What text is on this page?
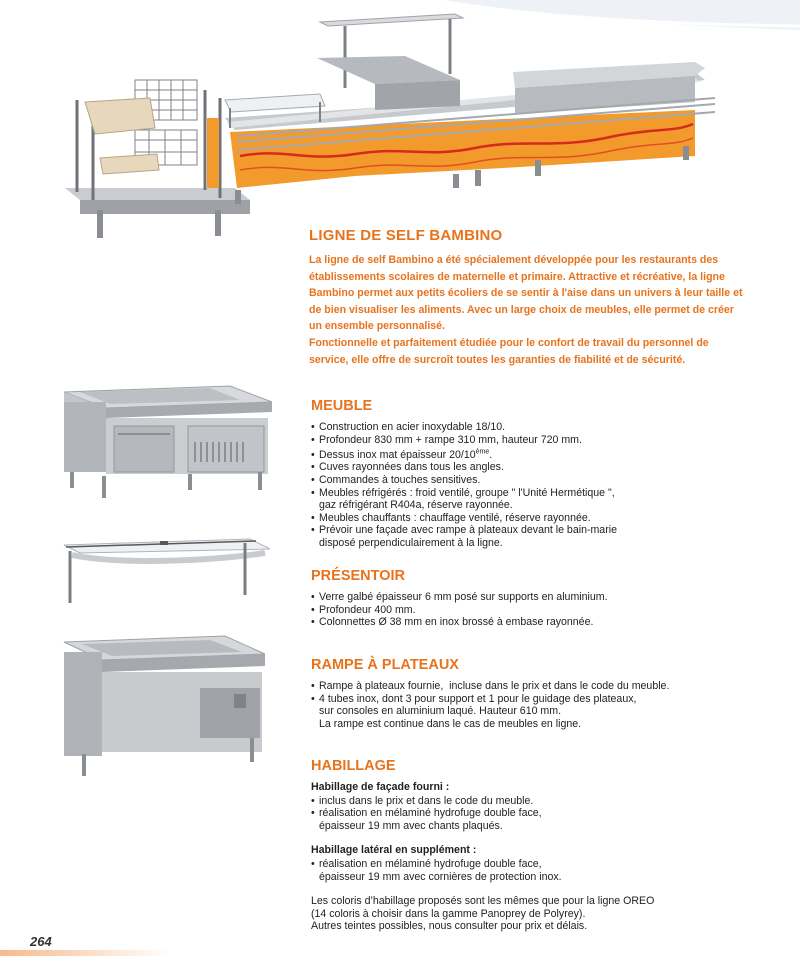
LIGNE DE SELF BAMBINO

La ligne de self Bambino a été spécialement développée pour les restaurants des établissements scolaires de maternelle et primaire. Attractive et récréative, la ligne Bambino permet aux petits écoliers de se sentir à l'aise dans un univers à leur taille et de bien visualiser les aliments. Avec un large choix de meubles, elle permet de créer un ensemble personnalisé.

Fonctionnelle et parfaitement étudiée pour le confort de travail du personnel de service, elle offre de surcroît toutes les garanties de fiabilité et de sécurité.

MEUBLE
• Construction en acier inoxydable 18/10.
• Profondeur 830 mm + rampe 310 mm, hauteur 720 mm.
• Dessus inox mat épaisseur 20/10ème.
• Cuves rayonnées dans tous les angles.
• Commandes à touches sensitives.
• Meubles réfrigérés : froid ventilé, groupe " l'Unité Hermétique ",
gaz réfrigérant R404a, réserve rayonnée.
• Meubles chauffants : chauffage ventilé, réserve rayonnée.
• Prévoir une façade avec rampe à plateaux devant le bain-marie
disposé perpendiculairement à la ligne.
PRÉSENTOIR
• Verre galbé épaisseur 6 mm posé sur supports en aluminium.
• Profondeur 400 mm.
• Colonnettes Ø 38 mm en inox brossé à embase rayonnée.
RAMPE À PLATEAUX
• Rampe à plateaux fournie,  incluse dans le prix et dans le code du meuble.
• 4 tubes inox, dont 3 pour support et 1 pour le guidage des plateaux,
sur consoles en aluminium laqué. Hauteur 610 mm.
La rampe est continue dans le cas de meubles en ligne.
HABILLAGE
Habillage de façade fourni :
• inclus dans le prix et dans le code du meuble.
• réalisation en mélaminé hydrofuge double face,
épaisseur 19 mm avec chants plaqués.
Habillage latéral en supplément :
• réalisation en mélaminé hydrofuge double face,
épaisseur 19 mm avec cornières de protection inox.

Les coloris d’habillage proposés sont les mêmes que pour la ligne OREO

(14 coloris à choisir dans la gamme Panoprey de Polyrey).

Autres teintes possibles, nous consulter pour prix et délais.

264
